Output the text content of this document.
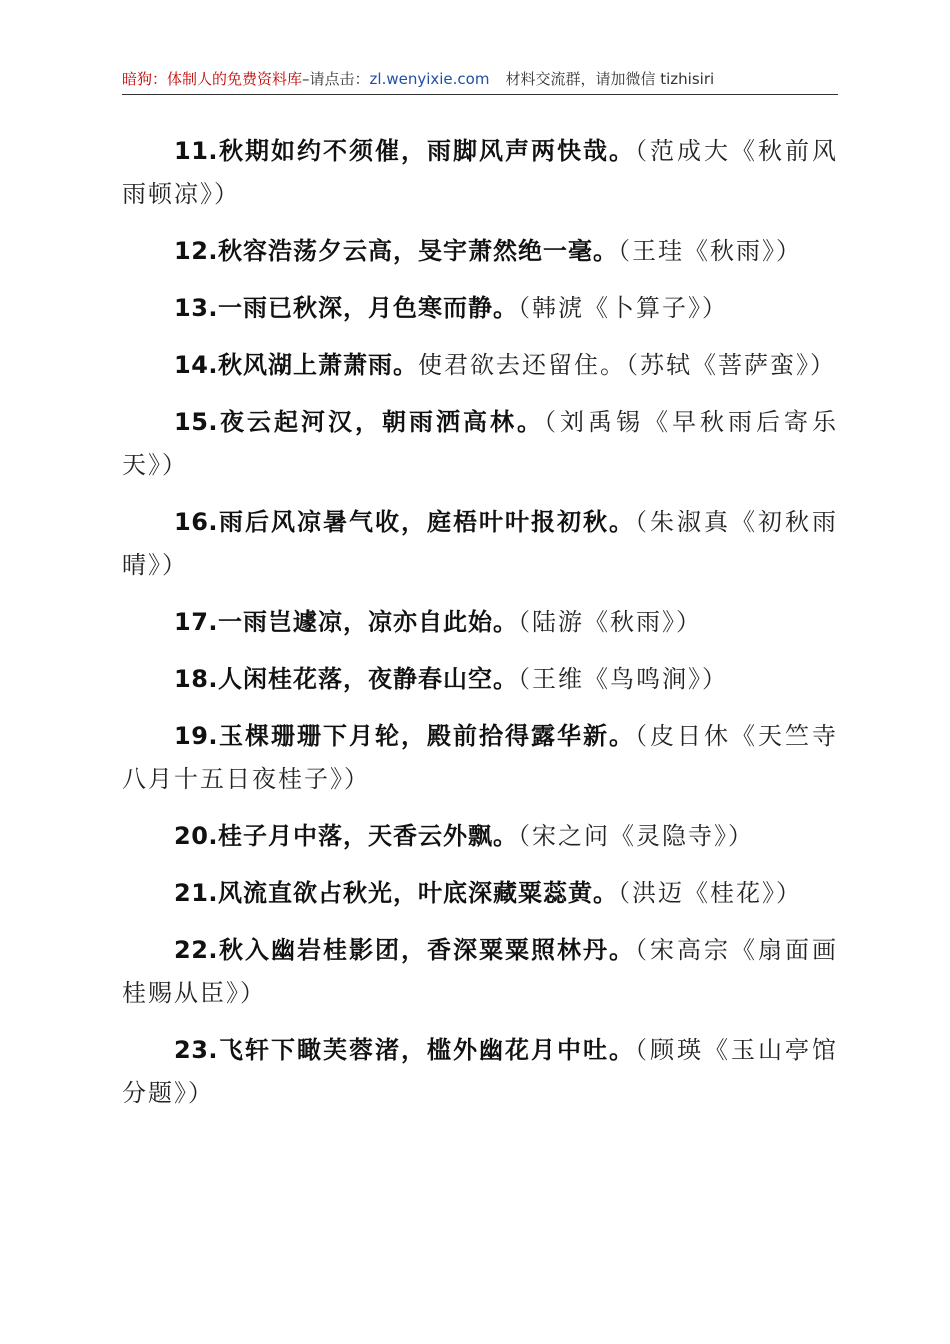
暗狗：体制人的免费资料库–请点击：zl.wenyixie.com 材料交流群，请加微信 tizhisiri

11.秋期如约不须催，雨脚风声两快哉。（范成大《秋前风雨顿凉》）

12.秋容浩荡夕云高，旻宇萧然绝一毫。（王珪《秋雨》）

13.一雨已秋深，月色寒而静。（韩淲《卜算子》）

14.秋风湖上萧萧雨。使君欲去还留住。（苏轼《菩萨蛮》）

15.夜云起河汉，朝雨洒高林。（刘禹锡《早秋雨后寄乐天》）

16.雨后风凉暑气收，庭梧叶叶报初秋。（朱淑真《初秋雨晴》）

17.一雨岂遽凉，凉亦自此始。（陆游《秋雨》）

18.人闲桂花落，夜静春山空。（王维《鸟鸣涧》）

19.玉棵珊珊下月轮，殿前拾得露华新。（皮日休《天竺寺八月十五日夜桂子》）

20.桂子月中落，天香云外飘。（宋之问《灵隐寺》）

21.风流直欲占秋光，叶底深藏粟蕊黄。（洪迈《桂花》）

22.秋入幽岩桂影团，香深粟粟照林丹。（宋高宗《扇面画桂赐从臣》）

23.飞轩下瞰芙蓉渚，槛外幽花月中吐。（顾瑛《玉山亭馆分题》）
